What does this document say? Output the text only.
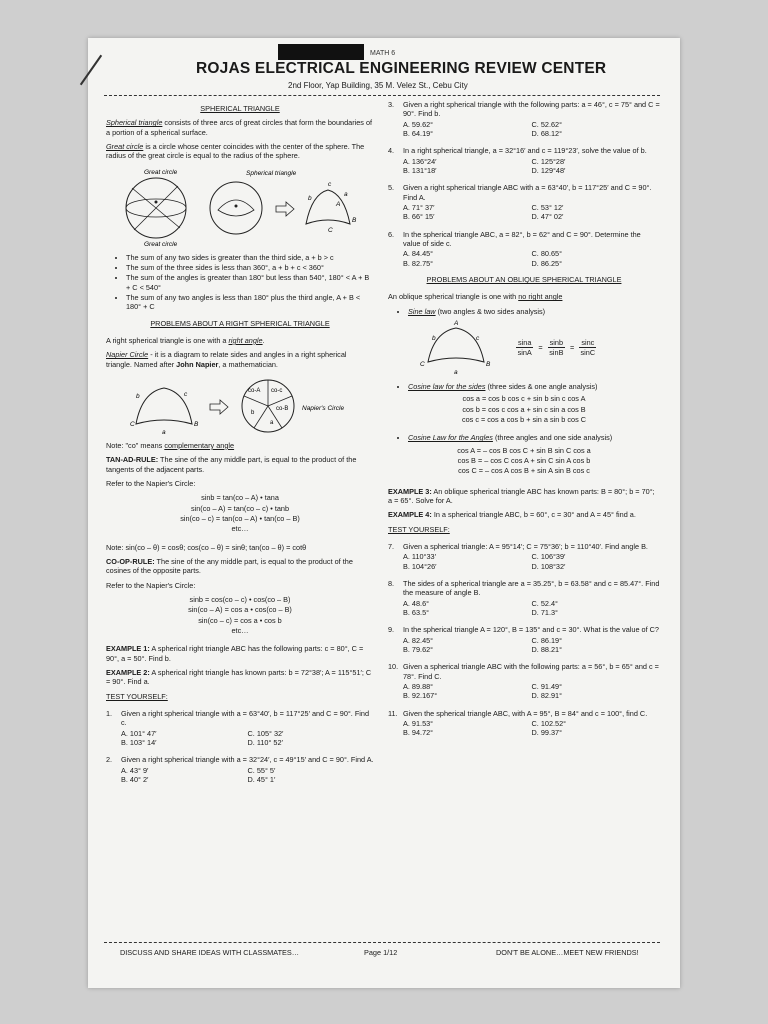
MATH 6
ROJAS ELECTRICAL ENGINEERING REVIEW CENTER
2nd Floor, Yap Building, 35 M. Velez St., Cebu City

SPHERICAL TRIANGLE

Spherical triangle consists of three arcs of great circles that form the boundaries of a portion of a spherical surface.

Great circle is a circle whose center coincides with the center of the sphere. The radius of the great circle is equal to the radius of the sphere.

Great circle
Great circle
Spherical triangle
b
c
a
A
B
C
• The sum of any two sides is greater than the third side, a + b > c
• The sum of the three sides is less than 360°, a + b + c < 360°
• The sum of the angles is greater than 180° but less than 540°, 180° < A + B + C < 540°
• The sum of any two angles is less than 180° plus the third angle, A + B < 180° + C

PROBLEMS ABOUT A RIGHT SPHERICAL TRIANGLE

A right spherical triangle is one with a right angle.

Napier Circle - it is a diagram to relate sides and angles in a right spherical triangle. Named after John Napier, a mathematician.

b	c
B
a
C
co-A co-c
co-B
b
a
Napier's Circle

Note: "co" means complementary angle

TAN-AD-RULE: The sine of the any middle part, is equal to the product of the tangents of the adjacent parts.

Refer to the Napier's Circle:

sinb = tan(co – A) • tana

sin(co – A) = tan(co – c) • tanb

sin(co – c) = tan(co – A) • tan(co – B)

etc…

Note: sin(co – θ) = cosθ; cos(co – θ) = sinθ; tan(co – θ) = cotθ

CO-OP-RULE: The sine of the any middle part, is equal to the product of the cosines of the opposite parts.

Refer to the Napier's Circle:

sinb = cos(co – c) • cos(co – B)

sin(co – A) = cos a • cos(co – B)

sin(co – c) = cos a • cos b

etc…

EXAMPLE 1: A spherical right triangle ABC has the following parts: c = 80°, C = 90°, a = 50°. Find b.

EXAMPLE 2: A spherical right triangle has known parts: b = 72°38′; A = 115°51′; C = 90°. Find a.

TEST YOURSELF:

1.	Given a right spherical triangle with a = 63°40′, b = 117°25′ and C = 90°. Find c.
A. 101° 47′	C. 105° 32′
B. 103° 14′	D. 110° 52′
2.	Given a right spherical triangle with a = 32°24′, c = 49°15′ and C = 90°. Find A.
A. 43° 9′	C. 55° 5′
B. 40° 2′	D. 45° 1′
3.	Given a right spherical triangle with the following parts: a = 46°, c = 75° and C = 90°. Find b.
A. 59.62°	C. 52.62°
B. 64.19°	D. 68.12°
4.	In a right spherical triangle, a = 32°16′ and c = 119°23′, solve the value of b.
A. 136°24′	C. 125°28′
B. 131°18′	D. 129°48′
5.	Given a right spherical triangle ABC with a = 63°40′, b = 117°25′ and C = 90°. Find A.
A. 71° 37′	C. 53° 12′
B. 66° 15′	D. 47° 02′
6.	In the spherical triangle ABC, a = 82°, b = 62° and C = 90°. Determine the value of side c.
A. 84.45°	C. 80.65°
B. 82.75°	D. 86.25°

PROBLEMS ABOUT AN OBLIQUE SPHERICAL TRIANGLE

An oblique spherical triangle is one with no right angle

• Sine law (two angles & two sides analysis)
A
b	c
C	B
a
$\frac{\sin a}{\sin A} = \frac{\sin b}{\sin B} = \frac{\sin c}{\sin C}$
• Cosine law for the sides (three sides & one angle analysis)

cos a = cos b cos c + sin b sin c cos A

cos b = cos c cos a + sin c sin a cos B

cos c = cos a cos b + sin a sin b cos C

• Cosine Law for the Angles (three angles and one side analysis)

cos A = – cos B cos C + sin B sin C cos a

cos B = – cos C cos A + sin C sin A cos b

cos C = – cos A cos B + sin A sin B cos c

EXAMPLE 3: An oblique spherical triangle ABC has known parts: B = 80°; b = 70°; a = 65°. Solve for A.

EXAMPLE 4: In a spherical triangle ABC, b = 60°, c = 30° and A = 45° find a.

TEST YOURSELF:

7.	Given a spherical triangle: A = 95°14′; C = 75°36′; b = 110°40′. Find angle B.
A. 110°33′	C. 106°39′
B. 104°26′	D. 108°32′
8.	The sides of a spherical triangle are a = 35.25°, b = 63.58° and c = 85.47°. Find the measure of angle B.
A. 48.6°	C. 52.4°
B. 63.5°	D. 71.3°
9.	In the spherical triangle A = 120°, B = 135° and c = 30°. What is the value of C?
A. 82.45°	C. 86.19°
B. 79.62°	D. 88.21°
10. Given a spherical triangle ABC with the following parts: a = 56°, b = 65° and c = 78°. Find C.
A. 89.88°	C. 91.49°
B. 92.167°	D. 82.91°
11. Given the spherical triangle ABC, with A = 95°, B = 84° and c = 100°, find C.
A. 91.53°	C. 102.52°
B. 94.72°	D. 99.37°
DISCUSS AND SHARE IDEAS WITH CLASSMATES…	Page 1/12	DON'T BE ALONE…MEET NEW FRIENDS!
